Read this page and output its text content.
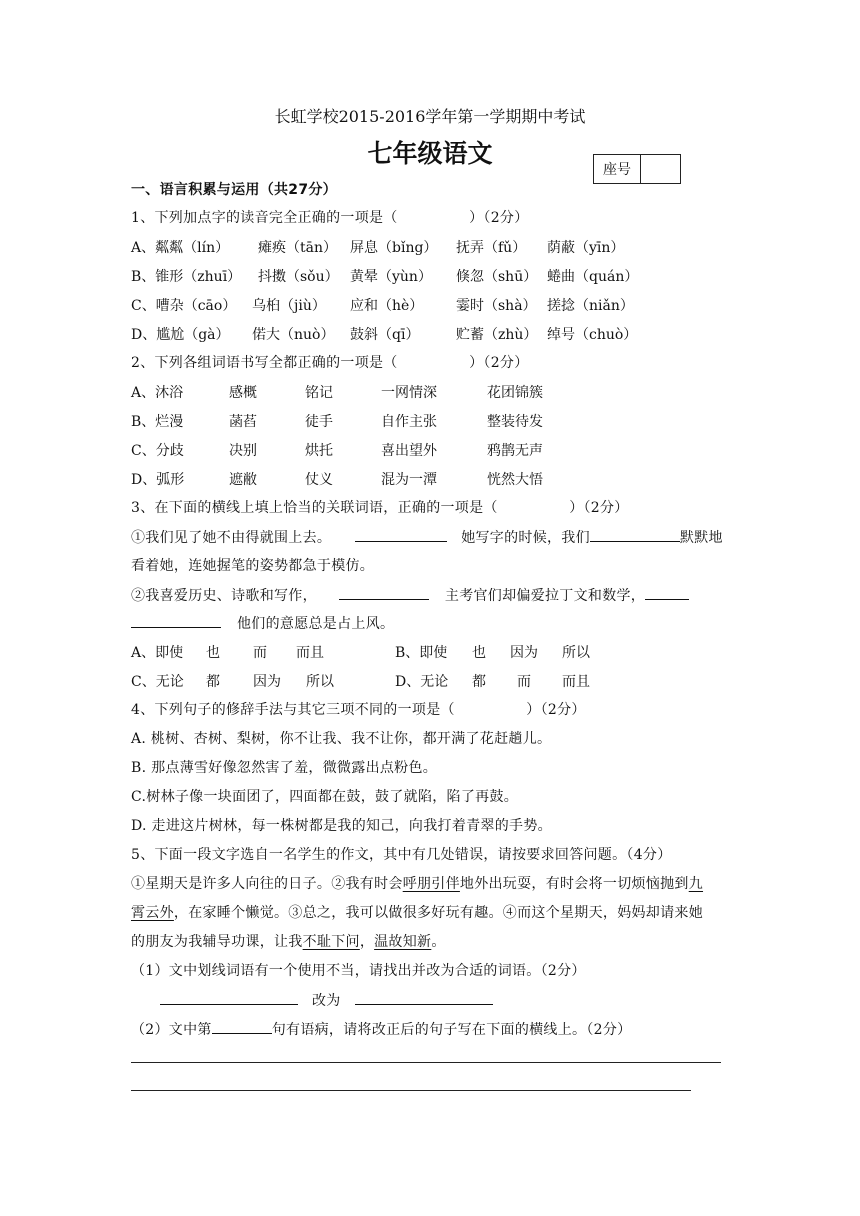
长虹学校2015-2016学年第一学期期中考试
七年级语文
座号
一、语言积累与运用（共27分）
1、下列加点字的读音完全正确的一项是（　　　　　）（2分）
A、粼粼（lín） 瘫痪（tān） 屏息（bǐng） 抚弄（fǔ） 荫蔽（yīn）
B、锥形（zhuī） 抖擞（sǒu） 黄晕（yùn） 倏忽（shū） 蜷曲（quán）
C、嘈杂（cāo） 乌桕（jiù） 应和（hè） 霎时（shà） 搓捻（niǎn）
D、尴尬（gà） 偌大（nuò） 鼓斜（qī）	贮蓄（zhù） 绰号（chuò）
2、下列各组词语书写全都正确的一项是（　　　　　）（2分）
A、沐浴	感概	铭记	一网情深	花团锦簇
B、烂漫	菡萏	徒手	自作主张	整装待发
C、分歧	决别	烘托	喜出望外	鸦鹊无声
D、弧形	遮敝	仗义	混为一潭	恍然大悟
3、在下面的横线上填上恰当的关联词语，正确的一项是（　　　　　）（2分）
①我们见了她不由得就围上去。	她写字的时候，我们	默默地
看着她，连她握笔的姿势都急于模仿。
②我喜爱历史、诗歌和写作，	主考官们却偏爱拉丁文和数学，
他们的意愿总是占上风。
A、即使 也 而 而且	B、即使 也 因为 所以
C、无论 都 因为 所以	D、无论 都 而 而且
4、下列句子的修辞手法与其它三项不同的一项是（　　　　　）（2分）
A. 桃树、杏树、梨树，你不让我、我不让你，都开满了花赶趟儿。
B. 那点薄雪好像忽然害了羞，微微露出点粉色。
C.树林子像一块面团了，四面都在鼓，鼓了就陷，陷了再鼓。
D. 走进这片树林，每一株树都是我的知己，向我打着青翠的手势。
5、下面一段文字选自一名学生的作文，其中有几处错误，请按要求回答问题。（4分）
①星期天是许多人向往的日子。②我有时会呼朋引伴地外出玩耍，有时会将一切烦恼抛到九
霄云外，在家睡个懒觉。③总之，我可以做很多好玩有趣。④而这个星期天，妈妈却请来她
的朋友为我辅导功课，让我不耻下问，温故知新。
（1）文中划线词语有一个使用不当，请找出并改为合适的词语。（2分）
改为
（2）文中第	句有语病，请将改正后的句子写在下面的横线上。（2分）
